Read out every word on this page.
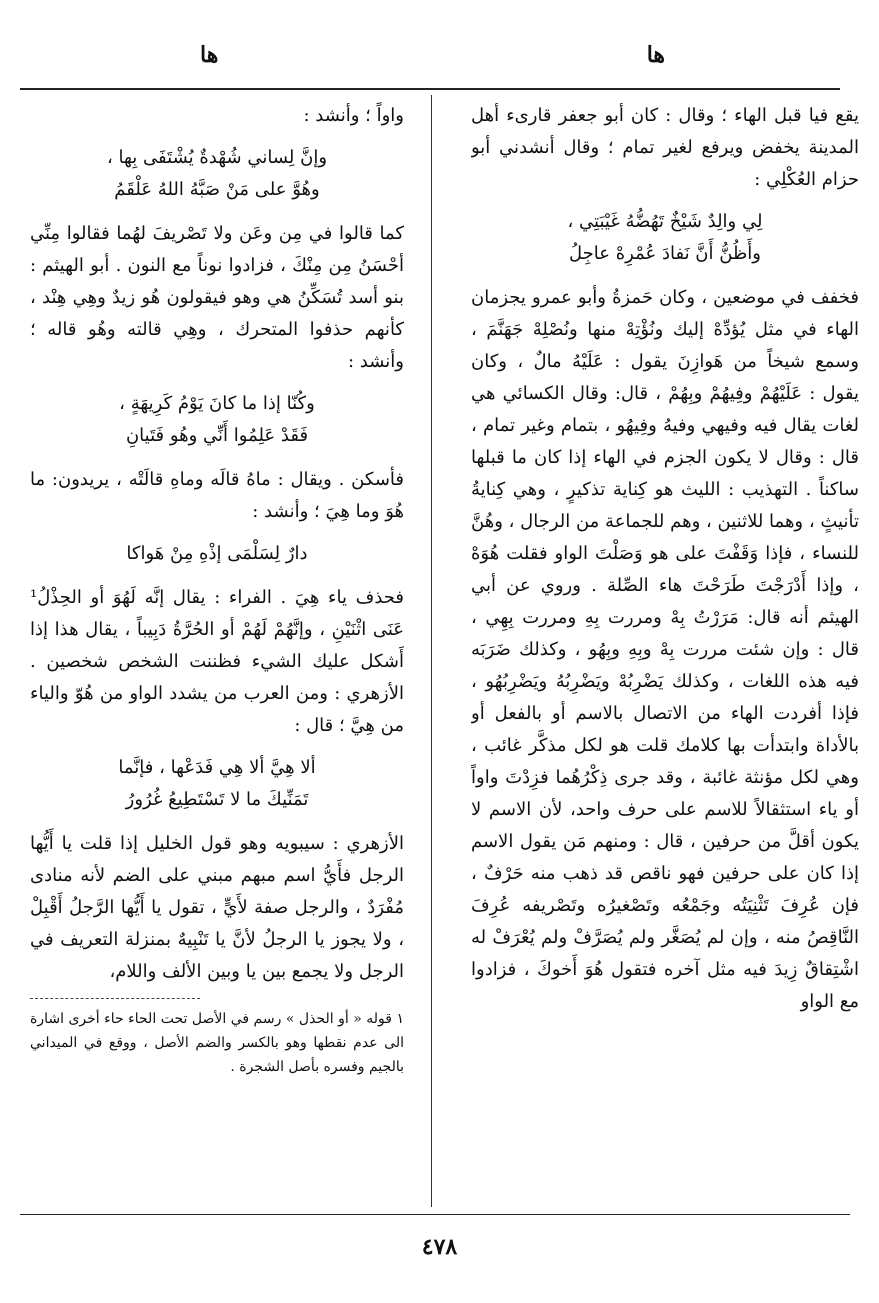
ها
ها

يقع فيا قبل الهاء ؛ وقال : كان أبو جعفر قارىء أهل المدينة يخفض ويرفع لغير تمام ؛ وقال أنشدني أبو حزام العُكْلِي :

لِي والِدٌ شَيْخٌ تَهُضُّهُ غَيْبَتِي ،
وأَظُنُّ أَنَّ نَفادَ عُمْرِهْ عاجِلُ

فخفف في موضعين ، وكان حَمزةُ وأبو عمرو يجزمان الهاء في مثل يُؤدِّهْ إليك ونُؤْتِهْ منها ونُصْلِهْ جَهَنَّمَ ، وسمع شيخاً من هَوازِنَ يقول : عَلَيْهُ مالٌ ، وكان يقول : عَلَيْهُمْ وفِيهُمْ وبِهُمْ ، قال: وقال الكسائي هي لغات يقال فيه وفيهي وفيهُ وفِيهُو ، بتمام وغير تمام ، قال : وقال لا يكون الجزم في الهاء إذا كان ما قبلها ساكناً . التهذيب : الليث هو كِناية تذكيرٍ ، وهي كِنايةُ تأنيثٍ ، وهما للاثنين ، وهم للجماعة من الرجال ، وهُنَّ للنساء ، فإذا وَقَفْتَ على هو وَصَلْتَ الواو فقلت هُوَهْ ، وإذا أَدْرَجْتَ طَرَحْتَ هاء الصِّلة . وروي عن أبي الهيثم أنه قال: مَرَرْتُ بِهْ ومررت بِهِ ومررت بِهِي ، قال : وإن شئت مررت بِهْ وبِهِ وبِهُو ، وكذلك ضَرَبَه فيه هذه اللغات ، وكذلك يَضْرِبُهْ ويَضْرِبُهُ ويَضْرِبُهُو ، فإذا أفردت الهاء من الاتصال بالاسم أو بالفعل أو بالأداة وابتدأت بها كلامك قلت هو لكل مذكَّر غائب ، وهي لكل مؤنثة غائبة ، وقد جرى ذِكْرُهُما فزِدْتَ واواً أو ياء استثقالاً للاسم على حرف واحد، لأن الاسم لا يكون أقلَّ من حرفين ، قال : ومنهم مَن يقول الاسم إذا كان على حرفين فهو ناقص قد ذهب منه حَرْفٌ ، فإن عُرِفَ تَثْنِيَتُه وجَمْعُه وتَصْغيرُه وتَصْريفه عُرِفَ النَّاقِصُ منه ، وإن لم يُصَغَّر ولم يُصَرَّفْ ولم يُعْرَفْ له اشْتِقاقٌ زِيدَ فيه مثل آخره فتقول هُوَ أَخوكَ ، فزادوا مع الواو

واواً ؛ وأنشد :

وإنَّ لِساني شُهْدةٌ يُشْتَفَى بِها ،
وهُوَّ على مَنْ صَبَّهُ اللهُ عَلْقَمُ

كما قالوا في مِن وعَن ولا تَصْريفَ لهُما فقالوا مِنِّي أحْسَنُ مِن مِنْكَ ، فزادوا نوناً مع النون . أبو الهيثم : بنو أسد تُسَكِّنُ هي وهو فيقولون هُو زيدٌ وهِي هِنْد ، كأنهم حذفوا المتحرك ، وهِي قالته وهُو قاله ؛ وأنشد :

وكُنّا إذا ما كانَ يَوْمُ كَرِيهَةٍ ،
فَقَدْ عَلِمُوا أَنِّي وهُو فَتَيانِ

فأسكن . ويقال : ماهُ قالَه وماهِ قالَتْه ، يريدون: ما هُوَ وما هِيَ ؛ وأنشد :

دارٌ لِسَلْمَى إذْهِ مِنْ هَواكا

فحذف ياء هِيَ . الفراء : يقال إنَّه لَهُوَ أو الحِذْلُ¹ عَنَى اثْنَيْنِ ، وإنَّهُمْ لَهُمْ أو الحُرَّةُ دَبِيباً ، يقال هذا إذا أَشكل عليك الشيء فظننت الشخص شخصين . الأزهري : ومن العرب من يشدد الواو من هُوّ والياء من هِيَّ ؛ قال :

ألا هِيَّ ألا هِي فَدَعْها ، فإنَّما
تَمَنِّيكَ ما لا تَسْتَطِيعُ غُرُورُ

الأزهري : سيبويه وهو قول الخليل إذا قلت يا أَيُّها الرجل فأَيُّ اسم مبهم مبني على الضم لأنه منادى مُفْرَدٌ ، والرجل صفة لأَيٍّ ، تقول يا أَيُّها الرَّجلُ أَقْبِلْ ، ولا يجوز يا الرجلُ لأنَّ يا تَنْبِيهٌ بمنزلة التعريف في الرجل ولا يجمع بين يا وبين الألف واللام،

١ قوله « أو الحذل » رسم في الأصل تحت الحاء حاء أخرى اشارة الى عدم نقطها وهو بالكسر والضم الأصل ، ووقع في الميداني بالجيم وفسره بأصل الشجرة .

٤٧٨
